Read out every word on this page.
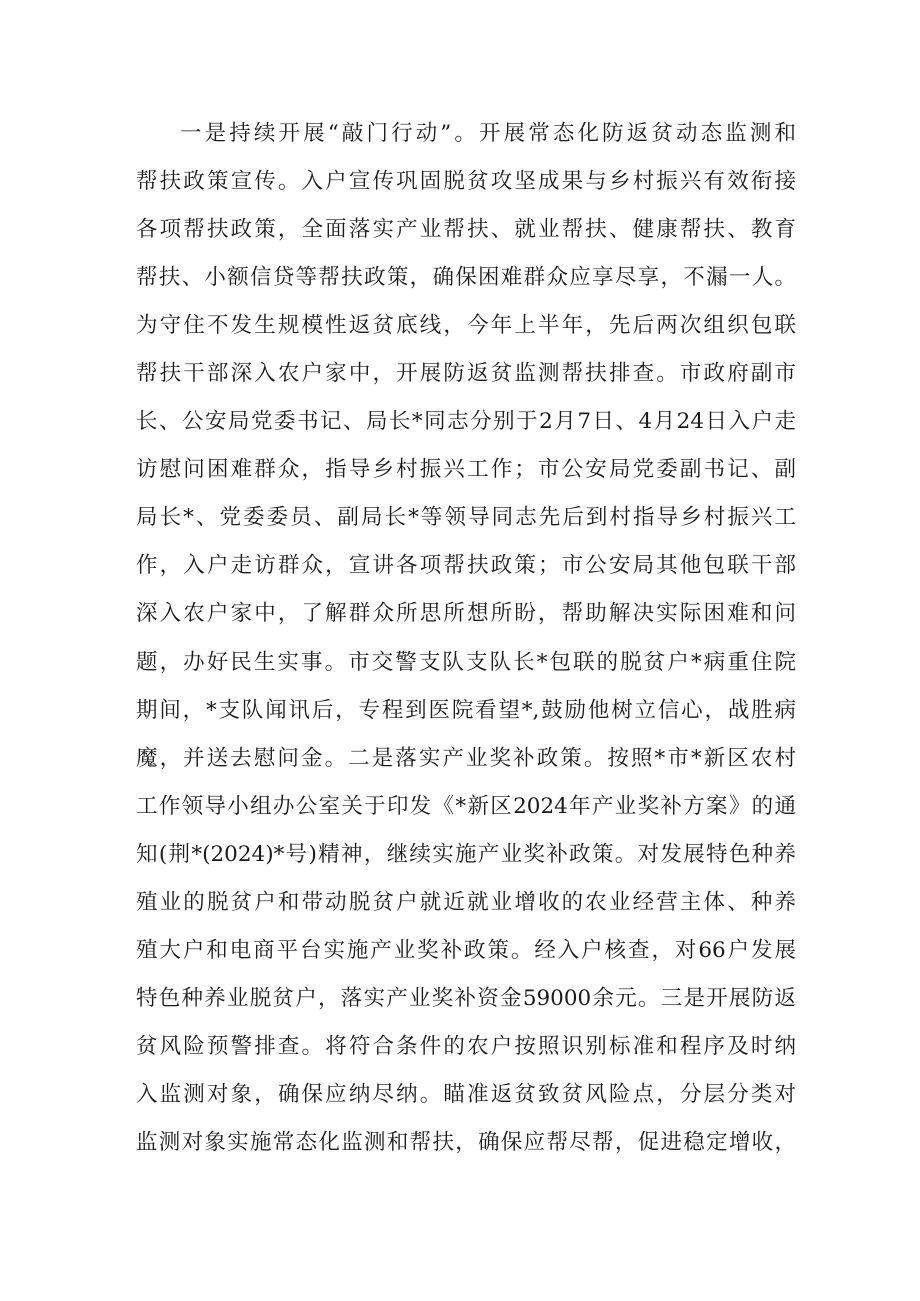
一是持续开展“敲门行动”。开展常态化防返贫动态监测和
帮扶政策宣传。入户宣传巩固脱贫攻坚成果与乡村振兴有效衔接
各项帮扶政策，全面落实产业帮扶、就业帮扶、健康帮扶、教育
帮扶、小额信贷等帮扶政策，确保困难群众应享尽享，不漏一人。
为守住不发生规模性返贫底线，今年上半年，先后两次组织包联
帮扶干部深入农户家中，开展防返贫监测帮扶排查。市政府副市
长、公安局党委书记、局长*同志分别于2月7日、4月24日入户走
访慰问困难群众，指导乡村振兴工作；市公安局党委副书记、副
局长*、党委委员、副局长*等领导同志先后到村指导乡村振兴工
作，入户走访群众，宣讲各项帮扶政策；市公安局其他包联干部
深入农户家中，了解群众所思所想所盼，帮助解决实际困难和问
题，办好民生实事。市交警支队支队长*包联的脱贫户*病重住院
期间，*支队闻讯后，专程到医院看望*,鼓励他树立信心，战胜病
魔，并送去慰问金。二是落实产业奖补政策。按照*市*新区农村
工作领导小组办公室关于印发《*新区2024年产业奖补方案》的通
知(荆*(2024)*号)精神，继续实施产业奖补政策。对发展特色种养
殖业的脱贫户和带动脱贫户就近就业增收的农业经营主体、种养
殖大户和电商平台实施产业奖补政策。经入户核查，对66户发展
特色种养业脱贫户，落实产业奖补资金59000余元。三是开展防返
贫风险预警排查。将符合条件的农户按照识别标准和程序及时纳
入监测对象，确保应纳尽纳。瞄准返贫致贫风险点，分层分类对
监测对象实施常态化监测和帮扶，确保应帮尽帮，促进稳定增收，
